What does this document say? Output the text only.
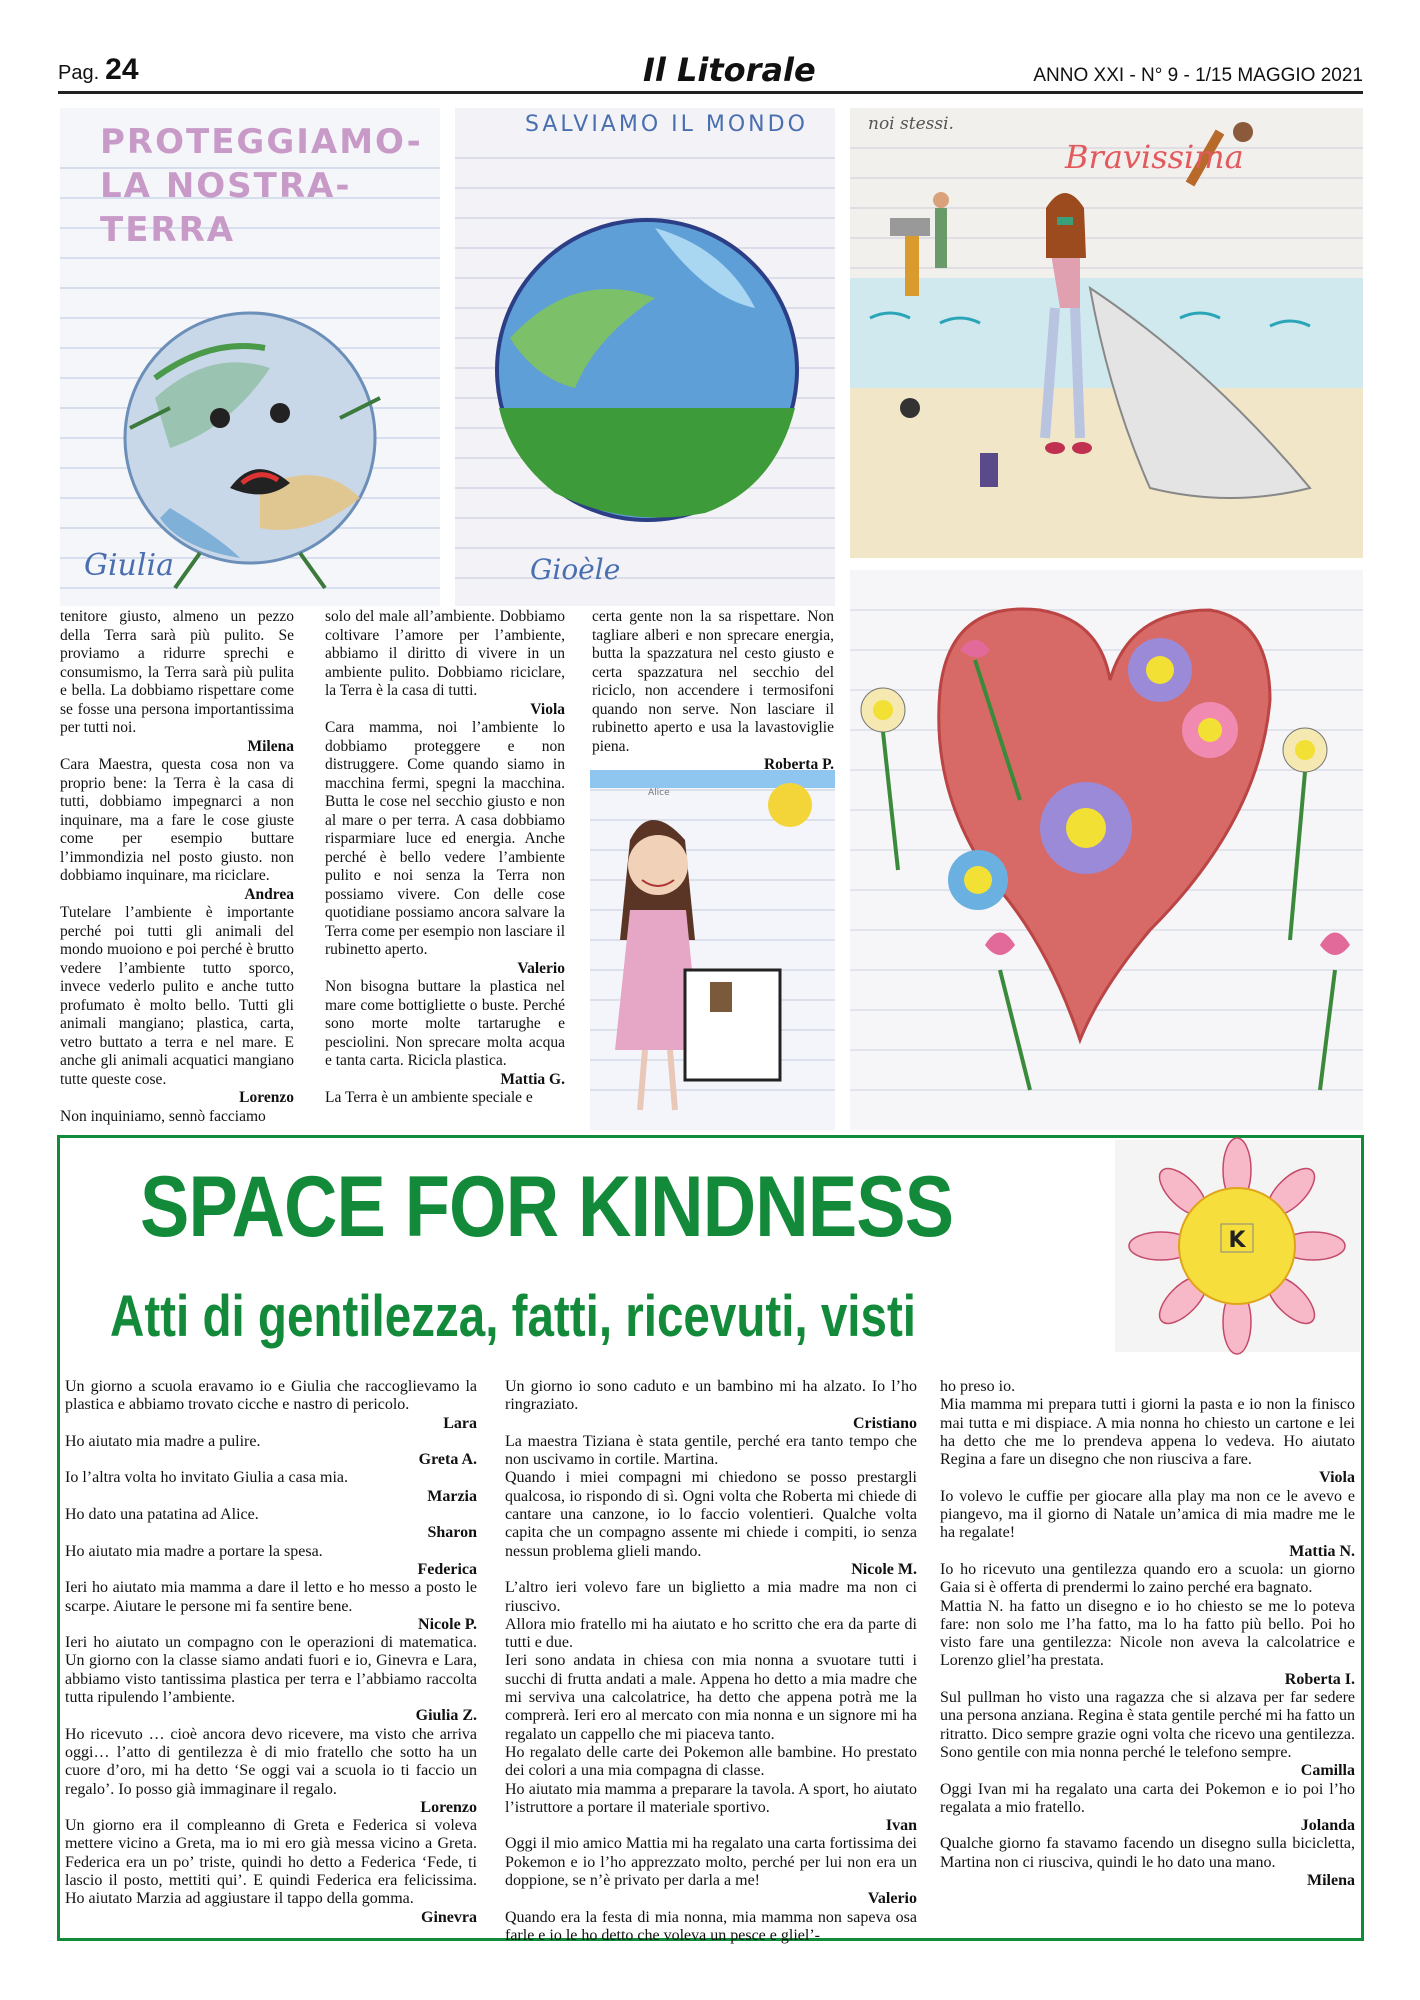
Pag. 24	Il Litorale	ANNO XXI - N° 9 - 1/15 MAGGIO 2021
PROTEGGIAMO-LA NOSTRA-TERRA
Giulia
SALVIAMO IL MONDO
Gioèle
noi stessi.
Bravissima
Alice

tenitore giusto, almeno un pezzo della Terra sarà più pulito. Se proviamo a ridurre sprechi e consumismo, la Terra sarà più pulita e bella. La dobbiamo rispettare come se fosse una persona importantissima per tutti noi.

Milena

Cara Maestra, questa cosa non va proprio bene: la Terra è la casa di tutti, dobbiamo impegnarci a non inquinare, ma a fare le cose giuste come per esempio buttare l’immondizia nel posto giusto. non dobbiamo inquinare, ma riciclare.

Andrea

Tutelare l’ambiente è importante perché poi tutti gli animali del mondo muoiono e poi perché è brutto vedere l’ambiente tutto sporco, invece vederlo pulito e anche tutto profumato è molto bello. Tutti gli animali mangiano; plastica, carta, vetro buttato a terra e nel mare. E anche gli animali acquatici mangiano tutte queste cose.

Lorenzo

Non inquiniamo, sennò facciamo

solo del male all’ambiente. Dobbiamo coltivare l’amore per l’ambiente, abbiamo il diritto di vivere in un ambiente pulito. Dobbiamo riciclare, la Terra è la casa di tutti.

Viola

Cara mamma, noi l’ambiente lo dobbiamo proteggere e non distruggere. Come quando siamo in macchina fermi, spegni la macchina. Butta le cose nel secchio giusto e non al mare o per terra. A casa dobbiamo risparmiare luce ed energia. Anche perché è bello vedere l’ambiente pulito e noi senza la Terra non possiamo vivere. Con delle cose quotidiane possiamo ancora salvare la Terra come per esempio non lasciare il rubinetto aperto.

Valerio

Non bisogna buttare la plastica nel mare come bottigliette o buste. Perché sono morte molte tartarughe e pesciolini. Non sprecare molta acqua e tanta carta. Ricicla plastica.

Mattia G.

La Terra è un ambiente speciale e

certa gente non la sa rispettare. Non tagliare alberi e non sprecare energia, butta la spazzatura nel cesto giusto e certa spazzatura nel secchio del riciclo, non accendere i termosifoni quando non serve. Non lasciare il rubinetto aperto e usa la lavastoviglie piena.

Roberta P.
SPACE FOR KINDNESS
Atti di gentilezza, fatti, ricevuti, visti
K

Un giorno a scuola eravamo io e Giulia che raccoglievamo la plastica e abbiamo trovato cicche e nastro di pericolo.

Lara

Ho aiutato mia madre a pulire.

Greta A.

Io l’altra volta ho invitato Giulia a casa mia.

Marzia

Ho dato una patatina ad Alice.

Sharon

Ho aiutato mia madre a portare la spesa.

Federica

Ieri ho aiutato mia mamma a dare il letto e ho messo a posto le scarpe. Aiutare le persone mi fa sentire bene.

Nicole P.

Ieri ho aiutato un compagno con le operazioni di matematica. Un giorno con la classe siamo andati fuori e io, Ginevra e Lara, abbiamo visto tantissima plastica per terra e l’abbiamo raccolta tutta ripulendo l’ambiente.

Giulia Z.

Ho ricevuto … cioè ancora devo ricevere, ma visto che arriva oggi… l’atto di gentilezza è di mio fratello che sotto ha un cuore d’oro, mi ha detto ‘Se oggi vai a scuola io ti faccio un regalo’. Io posso già immaginare il regalo.

Lorenzo

Un giorno era il compleanno di Greta e Federica si voleva mettere vicino a Greta, ma io mi ero già messa vicino a Greta. Federica era un po’ triste, quindi ho detto a Federica ‘Fede, ti lascio il posto, mettiti qui’. E quindi Federica era felicissima. Ho aiutato Marzia ad aggiustare il tappo della gomma.

Ginevra

Un giorno io sono caduto e un bambino mi ha alzato. Io l’ho ringraziato.

Cristiano

La maestra Tiziana è stata gentile, perché era tanto tempo che non uscivamo in cortile. Martina.

Quando i miei compagni mi chiedono se posso prestargli qualcosa, io rispondo di sì. Ogni volta che Roberta mi chiede di cantare una canzone, io lo faccio volentieri. Qualche volta capita che un compagno assente mi chiede i compiti, io senza nessun problema glieli mando.

Nicole M.

L’altro ieri volevo fare un biglietto a mia madre ma non ci riuscivo.

Allora mio fratello mi ha aiutato e ho scritto che era da parte di tutti e due.

Ieri sono andata in chiesa con mia nonna a svuotare tutti i succhi di frutta andati a male. Appena ho detto a mia madre che mi serviva una calcolatrice, ha detto che appena potrà me la comprerà. Ieri ero al mercato con mia nonna e un signore mi ha regalato un cappello che mi piaceva tanto.

Ho regalato delle carte dei Pokemon alle bambine. Ho prestato dei colori a una mia compagna di classe.

Ho aiutato mia mamma a preparare la tavola. A sport, ho aiutato l’istruttore a portare il materiale sportivo.

Ivan

Oggi il mio amico Mattia mi ha regalato una carta fortissima dei Pokemon e io l’ho apprezzato molto, perché per lui non era un doppione, se n’è privato per darla a me!

Valerio

Quando era la festa di mia nonna, mia mamma non sapeva osa farle e io le ho detto che voleva un pesce e gliel’-

ho preso io.

Mia mamma mi prepara tutti i giorni la pasta e io non la finisco mai tutta e mi dispiace. A mia nonna ho chiesto un cartone e lei ha detto che me lo prendeva appena lo vedeva. Ho aiutato Regina a fare un disegno che non riusciva a fare.

Viola

Io volevo le cuffie per giocare alla play ma non ce le avevo e piangevo, ma il giorno di Natale un’amica di mia madre me le ha regalate!

Mattia N.

Io ho ricevuto una gentilezza quando ero a scuola: un giorno Gaia si è offerta di prendermi lo zaino perché era bagnato.

Mattia N. ha fatto un disegno e io ho chiesto se me lo poteva fare: non solo me l’ha fatto, ma lo ha fatto più bello. Poi ho visto fare una gentilezza: Nicole non aveva la calcolatrice e Lorenzo gliel’ha prestata.

Roberta I.

Sul pullman ho visto una ragazza che si alzava per far sedere una persona anziana. Regina è stata gentile perché mi ha fatto un ritratto. Dico sempre grazie ogni volta che ricevo una gentilezza. Sono gentile con mia nonna perché le telefono sempre.

Camilla

Oggi Ivan mi ha regalato una carta dei Pokemon e io poi l’ho regalata a mio fratello.

Jolanda

Qualche giorno fa stavamo facendo un disegno sulla bicicletta, Martina non ci riusciva, quindi le ho dato una mano.

Milena
